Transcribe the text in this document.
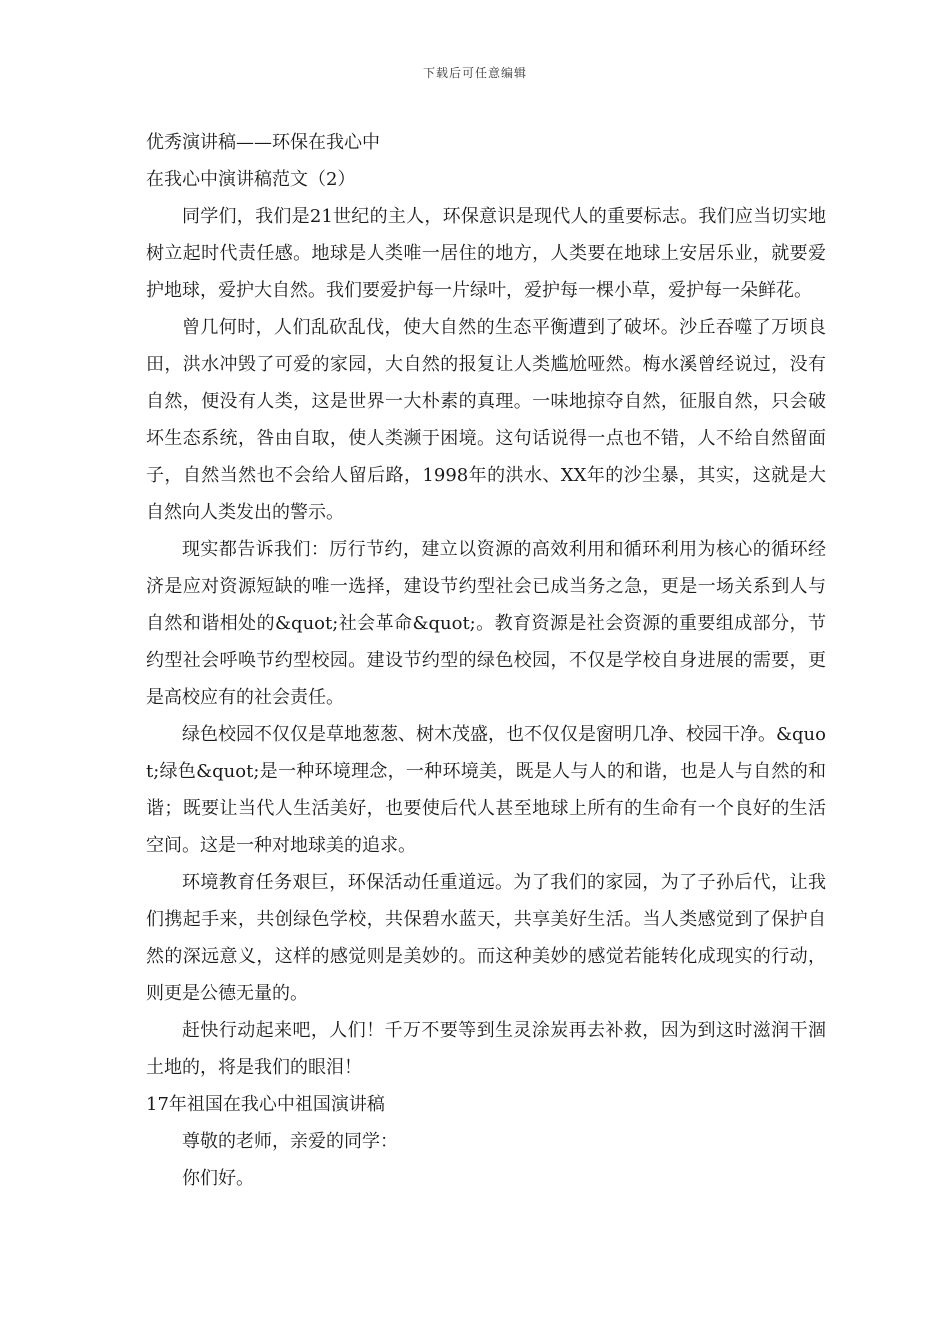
下载后可任意编辑

优秀演讲稿——环保在我心中

在我心中演讲稿范文（2）

同学们，我们是21世纪的主人，环保意识是现代人的重要标志。我们应当切实地树立起时代责任感。地球是人类唯一居住的地方，人类要在地球上安居乐业，就要爱护地球，爱护大自然。我们要爱护每一片绿叶，爱护每一棵小草，爱护每一朵鲜花。

曾几何时，人们乱砍乱伐，使大自然的生态平衡遭到了破坏。沙丘吞噬了万顷良田，洪水冲毁了可爱的家园，大自然的报复让人类尴尬哑然。梅水溪曾经说过，没有自然，便没有人类，这是世界一大朴素的真理。一味地掠夺自然，征服自然，只会破坏生态系统，咎由自取，使人类濒于困境。这句话说得一点也不错，人不给自然留面子，自然当然也不会给人留后路，1998年的洪水、XX年的沙尘暴，其实，这就是大自然向人类发出的警示。

现实都告诉我们：厉行节约，建立以资源的高效利用和循环利用为核心的循环经济是应对资源短缺的唯一选择，建设节约型社会已成当务之急，更是一场关系到人与自然和谐相处的&quot;社会革命&quot;。教育资源是社会资源的重要组成部分，节约型社会呼唤节约型校园。建设节约型的绿色校园，不仅是学校自身进展的需要，更是高校应有的社会责任。

绿色校园不仅仅是草地葱葱、树木茂盛，也不仅仅是窗明几净、校园干净。&quot;绿色&quot;是一种环境理念，一种环境美，既是人与人的和谐，也是人与自然的和谐；既要让当代人生活美好，也要使后代人甚至地球上所有的生命有一个良好的生活空间。这是一种对地球美的追求。

环境教育任务艰巨，环保活动任重道远。为了我们的家园，为了子孙后代，让我们携起手来，共创绿色学校，共保碧水蓝天，共享美好生活。当人类感觉到了保护自然的深远意义，这样的感觉则是美妙的。而这种美妙的感觉若能转化成现实的行动，则更是公德无量的。

赶快行动起来吧，人们！千万不要等到生灵涂炭再去补救，因为到这时滋润干涸土地的，将是我们的眼泪！

17年祖国在我心中祖国演讲稿

尊敬的老师，亲爱的同学：

你们好。
